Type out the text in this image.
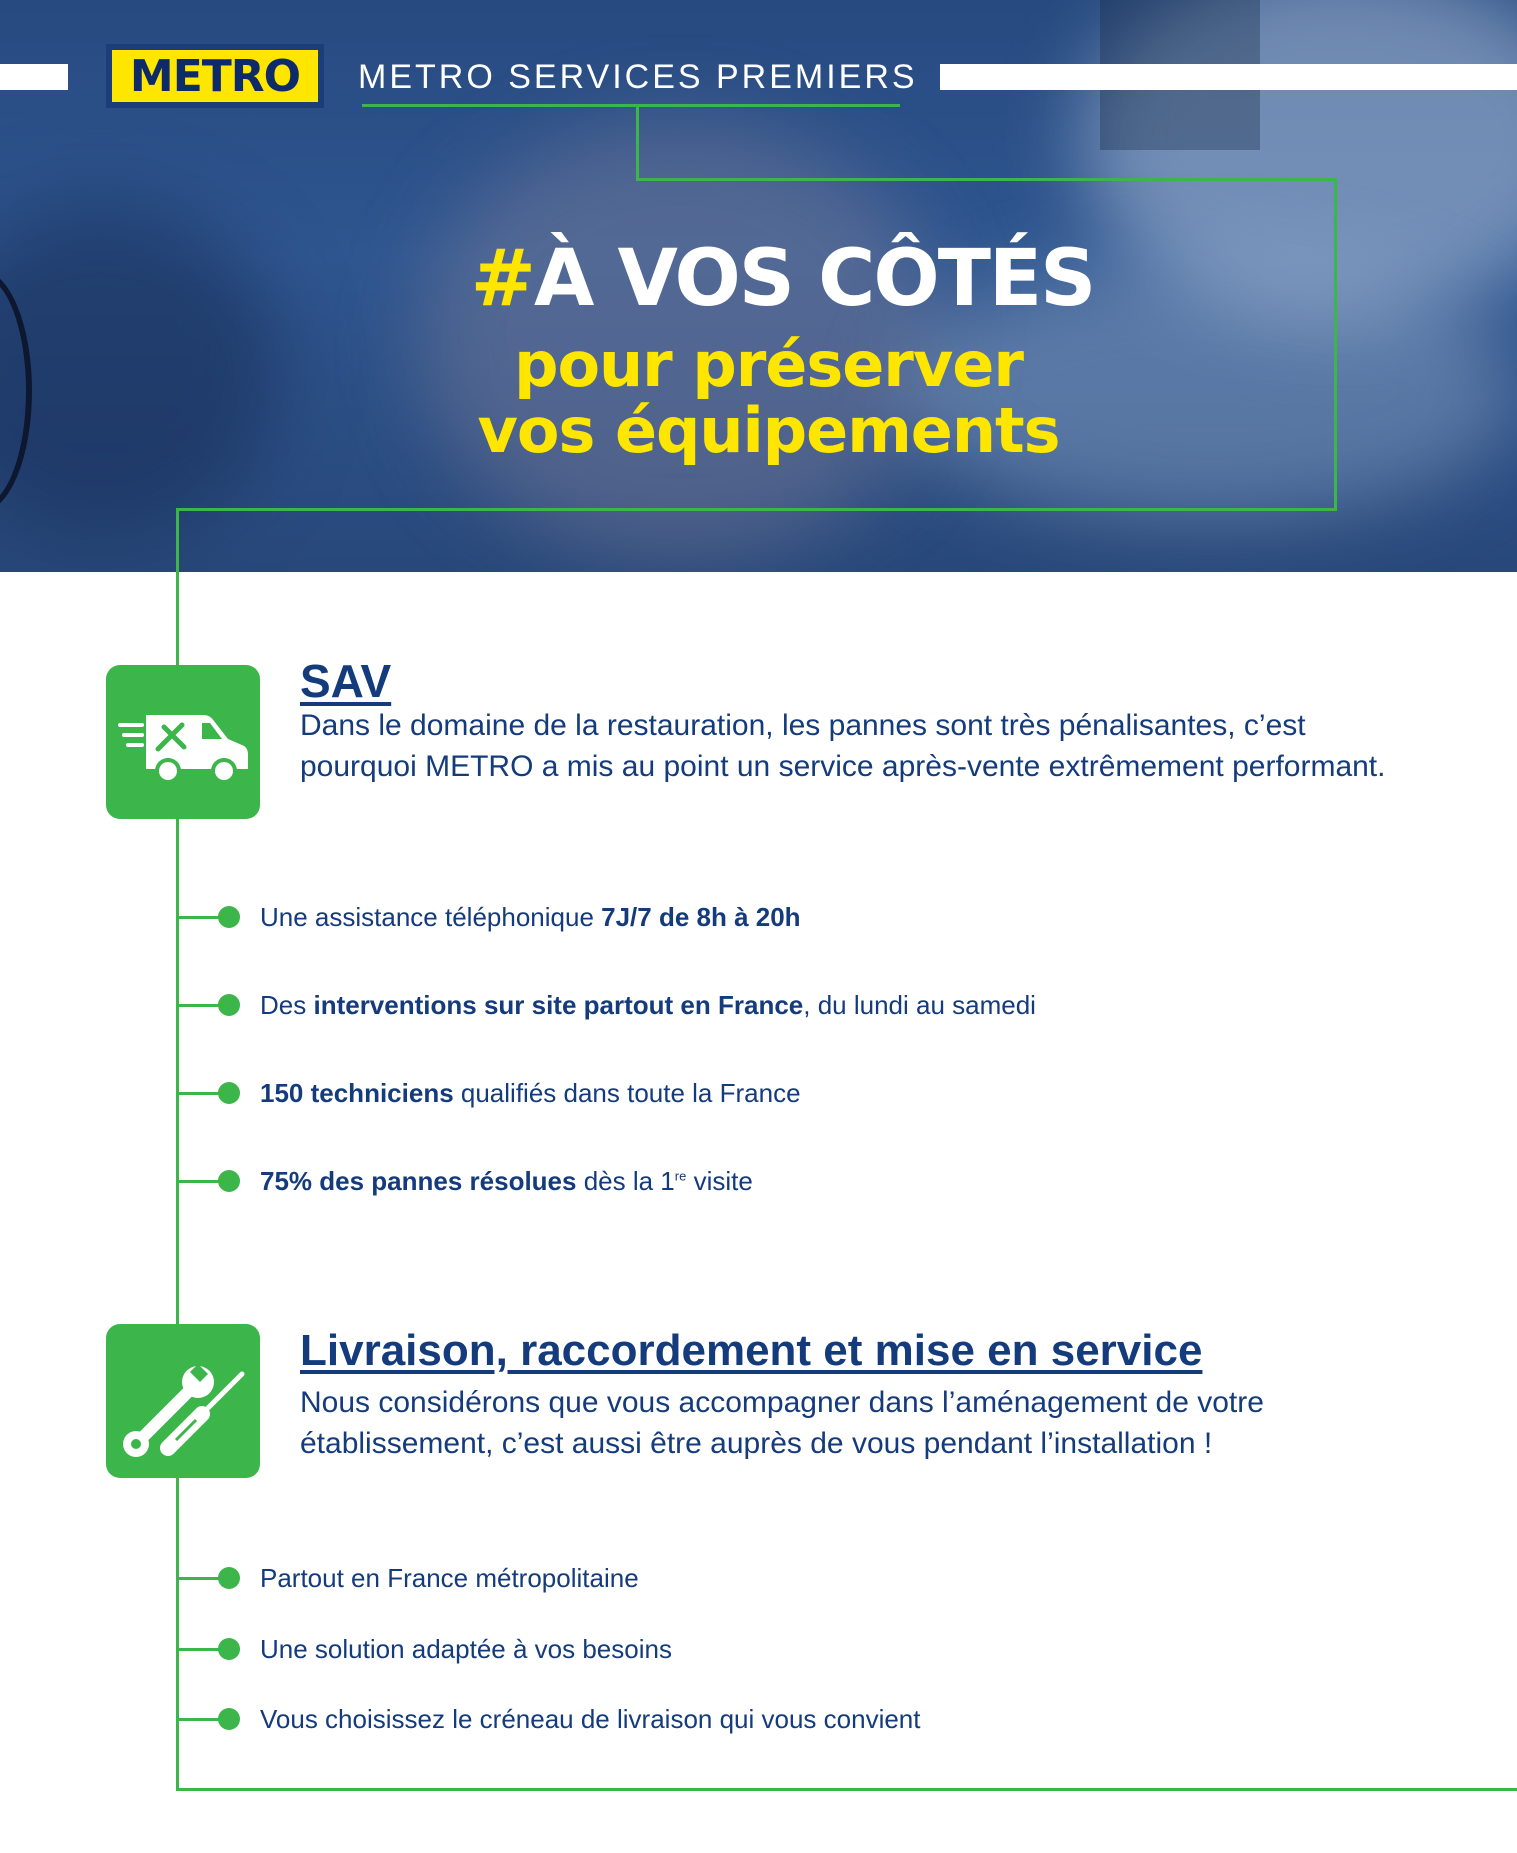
METRO METRO SERVICES PREMIERS
#À VOS CÔTÉS
pour préserver
vos équipements
SAV
Dans le domaine de la restauration, les pannes sont très pénalisantes, c’est pourquoi METRO a mis au point un service après-vente extrêmement performant.
Une assistance téléphonique 7J/7 de 8h à 20h
Des interventions sur site partout en France, du lundi au samedi
150 techniciens qualifiés dans toute la France
75% des pannes résolues dès la 1re visite
Livraison, raccordement et mise en service
Nous considérons que vous accompagner dans l’aménagement de votre établissement, c’est aussi être auprès de vous pendant l’installation !
Partout en France métropolitaine
Une solution adaptée à vos besoins
Vous choisissez le créneau de livraison qui vous convient
